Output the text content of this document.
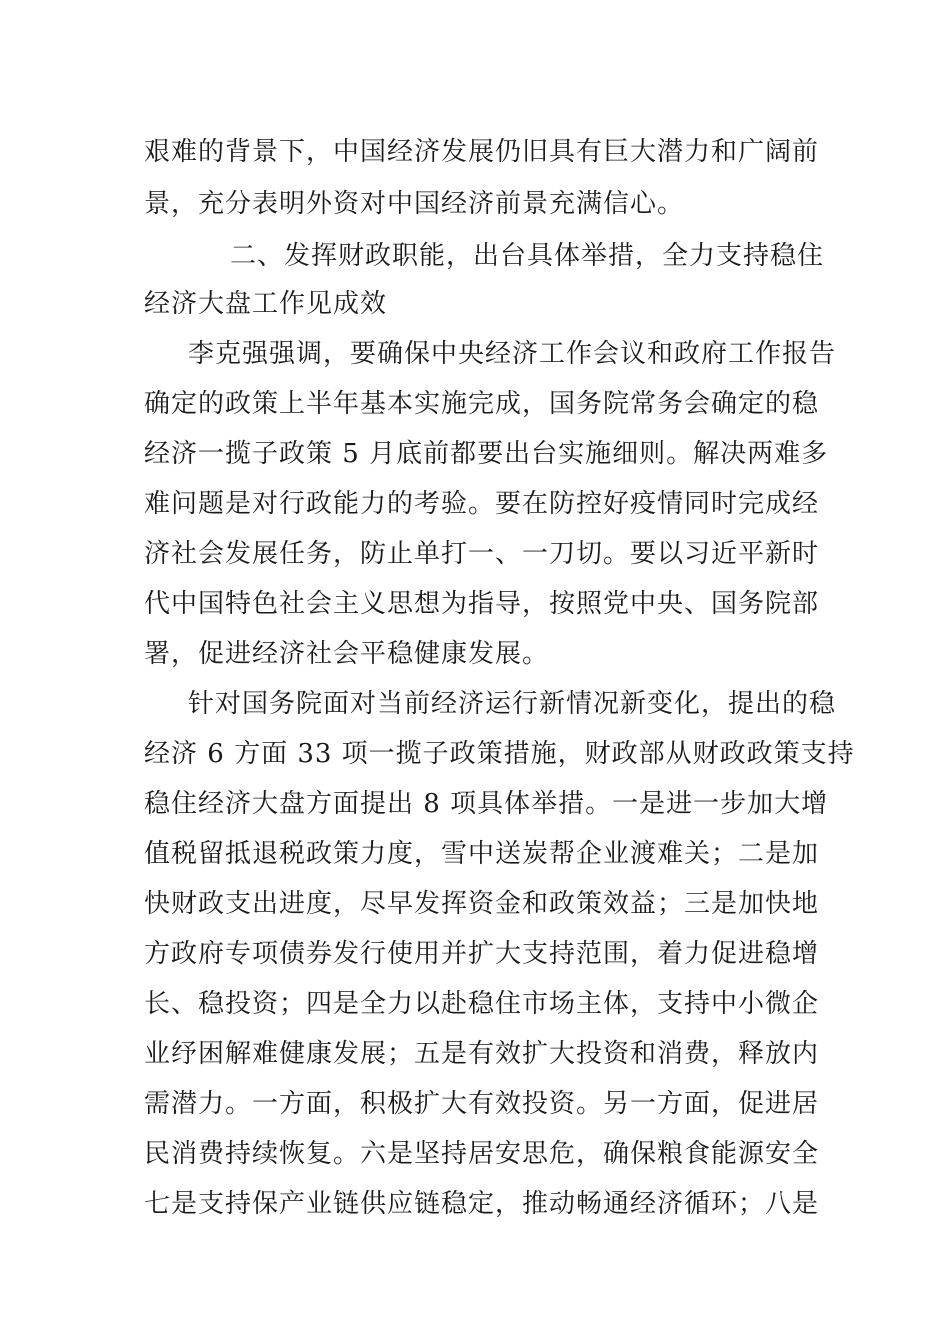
艰难的背景下，中国经济发展仍旧具有巨大潜力和广阔前
景，充分表明外资对中国经济前景充满信心。
二、发挥财政职能，出台具体举措，全力支持稳住
经济大盘工作见成效
李克强强调，要确保中央经济工作会议和政府工作报告
确定的政策上半年基本实施完成，国务院常务会确定的稳
经济一揽子政策 5 月底前都要出台实施细则。解决两难多
难问题是对行政能力的考验。要在防控好疫情同时完成经
济社会发展任务，防止单打一、一刀切。要以习近平新时
代中国特色社会主义思想为指导，按照党中央、国务院部
署，促进经济社会平稳健康发展。
针对国务院面对当前经济运行新情况新变化，提出的稳
经济 6 方面 33 项一揽子政策措施，财政部从财政政策支持
稳住经济大盘方面提出 8 项具体举措。一是进一步加大增
值税留抵退税政策力度，雪中送炭帮企业渡难关；二是加
快财政支出进度，尽早发挥资金和政策效益；三是加快地
方政府专项债券发行使用并扩大支持范围，着力促进稳增
长、稳投资；四是全力以赴稳住市场主体，支持中小微企
业纾困解难健康发展；五是有效扩大投资和消费，释放内
需潜力。一方面，积极扩大有效投资。另一方面，促进居
民消费持续恢复。六是坚持居安思危，确保粮食能源安全
七是支持保产业链供应链稳定，推动畅通经济循环；八是
